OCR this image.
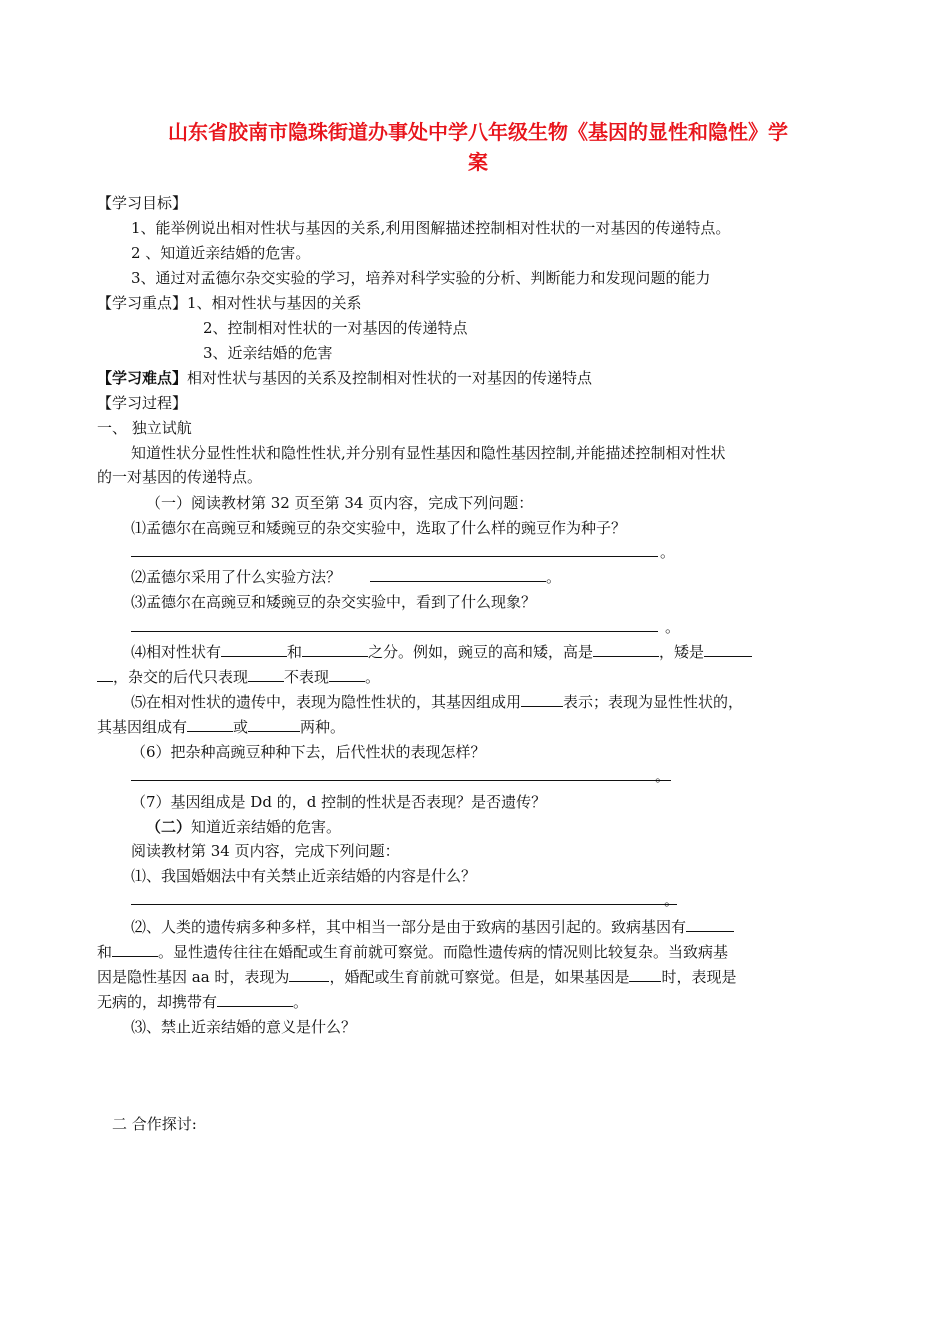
山东省胶南市隐珠街道办事处中学八年级生物《基因的显性和隐性》学
案
【学习目标】
1、能举例说出相对性状与基因的关系,利用图解描述控制相对性状的一对基因的传递特点。
2 、知道近亲结婚的危害。
3、通过对孟德尔杂交实验的学习，培养对科学实验的分析、判断能力和发现问题的能力
【学习重点】1、相对性状与基因的关系
2、控制相对性状的一对基因的传递特点
3、近亲结婚的危害
【学习难点】相对性状与基因的关系及控制相对性状的一对基因的传递特点
【学习过程】
一、 独立试航
知道性状分显性性状和隐性性状,并分别有显性基因和隐性基因控制,并能描述控制相对性状
的一对基因的传递特点。
（一）阅读教材第 32 页至第 34 页内容，完成下列问题：
⑴孟德尔在高豌豆和矮豌豆的杂交实验中，选取了什么样的豌豆作为种子？
。
⑵孟德尔采用了什么实验方法？	。
⑶孟德尔在高豌豆和矮豌豆的杂交实验中，看到了什么现象？
。
⑷相对性状有	和	之分。例如，豌豆的高和矮，高是	，矮是
，杂交的后代只表现 不表现 。
⑸在相对性状的遗传中，表现为隐性性状的，其基因组成用	表示；表现为显性性状的，
其基因组成有	或	两种。
（6）把杂种高豌豆种种下去，后代性状的表现怎样？
。
（7）基因组成是 Dd 的，d 控制的性状是否表现？是否遗传？
（二）知道近亲结婚的危害。
阅读教材第 34 页内容，完成下列问题：
⑴、我国婚姻法中有关禁止近亲结婚的内容是什么？
。
⑵、人类的遗传病多种多样，其中相当一部分是由于致病的基因引起的。致病基因有
和	。显性遗传往往在婚配或生育前就可察觉。而隐性遗传病的情况则比较复杂。当致病基
因是隐性基因 aa 时，表现为	，婚配或生育前就可察觉。但是，如果基因是 时，表现是
无病的，却携带有	。
⑶、禁止近亲结婚的意义是什么？
二 合作探讨:
